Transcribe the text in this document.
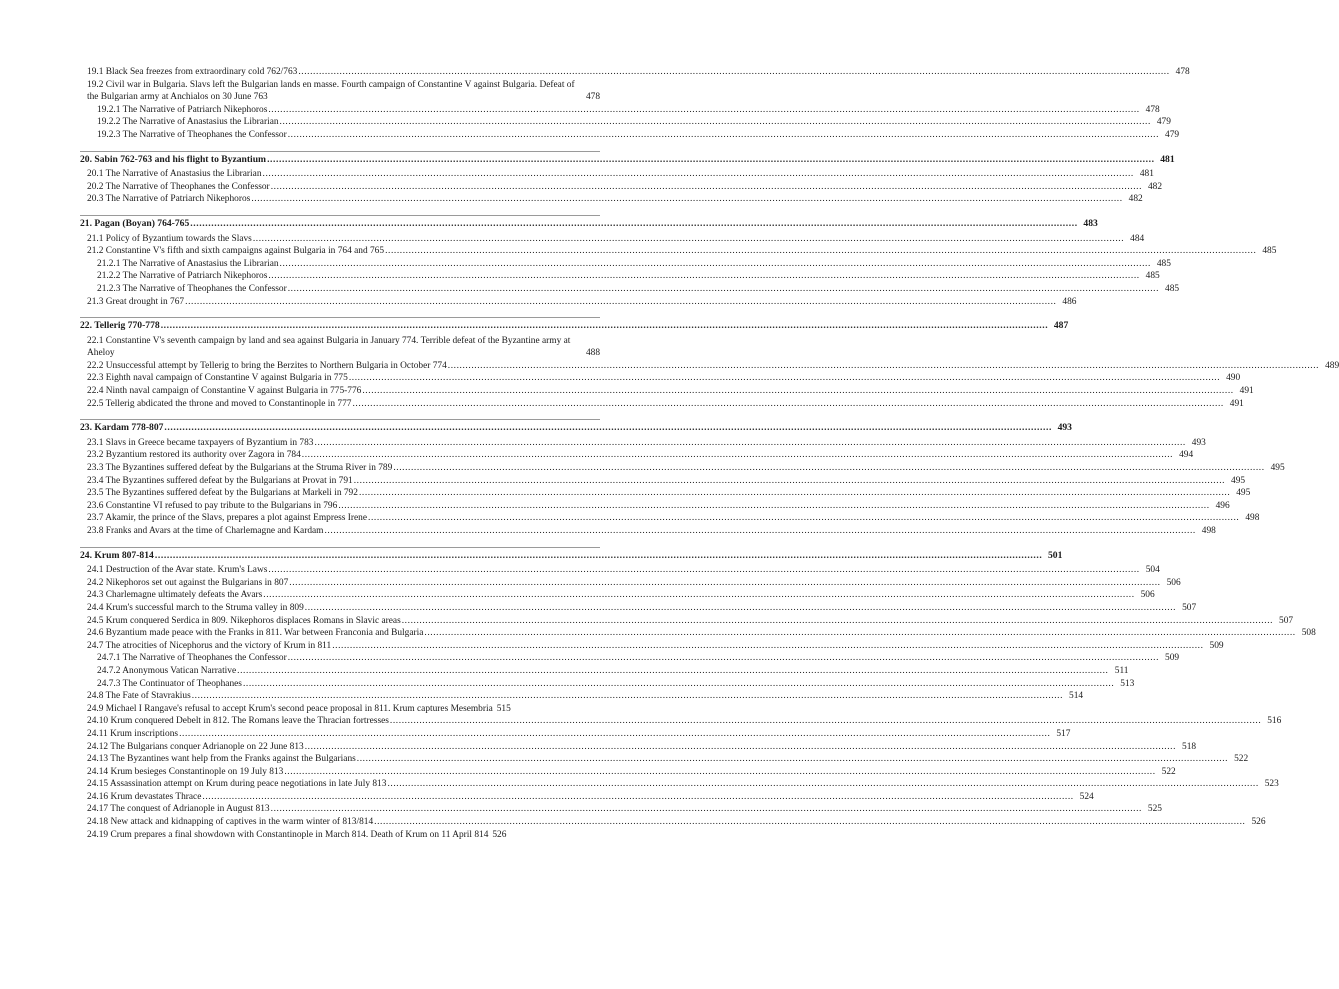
19.1 Black Sea freezes from extraordinary cold 762/763 .....	478
19.2 Civil war in Bulgaria. Slavs left the Bulgarian lands en masse. Fourth campaign of Constantine V against Bulgaria. Defeat of the Bulgarian army at Anchialos on 30 June 763	478
19.2.1 The Narrative of Patriarch Nikephoros .....	478
19.2.2 The Narrative of Anastasius the Librarian .....	479
19.2.3 The Narrative of Theophanes the Confessor .....	479
20. Sabin 762-763 and his flight to Byzantium .....	481
20.1 The Narrative of Anastasius the Librarian .....	481
20.2 The Narrative of Theophanes the Confessor .....	482
20.3 The Narrative of Patriarch Nikephoros .....	482
21. Pagan (Boyan) 764-765 .....	483
21.1 Policy of Byzantium towards the Slavs .....	484
21.2 Constantine V's fifth and sixth campaigns against Bulgaria in 764 and 765 .....	485
21.2.1 The Narrative of Anastasius the Librarian .....	485
21.2.2 The Narrative of Patriarch Nikephoros .....	485
21.2.3 The Narrative of Theophanes the Confessor .....	485
21.3 Great drought in 767 .....	486
22. Tellerig 770-778 .....	487
22.1 Constantine V's seventh campaign by land and sea against Bulgaria in January 774. Terrible defeat of the Byzantine army at Aheloy	488
22.2 Unsuccessful attempt by Tellerig to bring the Berzites to Northern Bulgaria in October 774 .....	489
22.3 Eighth naval campaign of Constantine V against Bulgaria in 775 .....	490
22.4 Ninth naval campaign of Constantine V against Bulgaria in 775-776 .....	491
22.5 Tellerig abdicated the throne and moved to Constantinople in 777 .....	491
23. Kardam 778-807 .....	493
23.1 Slavs in Greece became taxpayers of Byzantium in 783 .....	493
23.2 Byzantium restored its authority over Zagora in 784 .....	494
23.3 The Byzantines suffered defeat by the Bulgarians at the Struma River in 789 .....	495
23.4 The Byzantines suffered defeat by the Bulgarians at Provat in 791 .....	495
23.5 The Byzantines suffered defeat by the Bulgarians at Markeli in 792 .....	495
23.6 Constantine VI refused to pay tribute to the Bulgarians in 796 .....	496
23.7 Akamir, the prince of the Slavs, prepares a plot against Empress Irene .....	498
23.8 Franks and Avars at the time of Charlemagne and Kardam .....	498
24. Krum 807-814 .....	501
24.1 Destruction of the Avar state. Krum's Laws .....	504
24.2 Nikephoros set out against the Bulgarians in 807 .....	506
24.3 Charlemagne ultimately defeats the Avars .....	506
24.4 Krum's successful march to the Struma valley in 809 .....	507
24.5 Krum conquered Serdica in 809. Nikephoros displaces Romans in Slavic areas .....	507
24.6 Byzantium made peace with the Franks in 811. War between Franconia and Bulgaria .....	508
24.7 The atrocities of Nicephorus and the victory of Krum in 811 .....	509
24.7.1 The Narrative of Theophanes the Confessor .....	509
24.7.2 Anonymous Vatican Narrative .....	511
24.7.3 The Continuator of Theophanes .....	513
24.8 The Fate of Stavrakius .....	514
24.9 Michael I Rangave's refusal to accept Krum's second peace proposal in 811. Krum captures Mesembria 515
24.10 Krum conquered Debelt in 812. The Romans leave the Thracian fortresses .....	516
24.11 Krum inscriptions .....	517
24.12 The Bulgarians conquer Adrianople on 22 June 813 .....	518
24.13 The Byzantines want help from the Franks against the Bulgarians .....	522
24.14 Krum besieges Constantinople on 19 July 813 .....	522
24.15 Assassination attempt on Krum during peace negotiations in late July 813 .....	523
24.16 Krum devastates Thrace .....	524
24.17 The conquest of Adrianople in August 813 .....	525
24.18 New attack and kidnapping of captives in the warm winter of 813/814 .....	526
24.19 Crum prepares a final showdown with Constantinople in March 814. Death of Krum on 11 April 814 526
